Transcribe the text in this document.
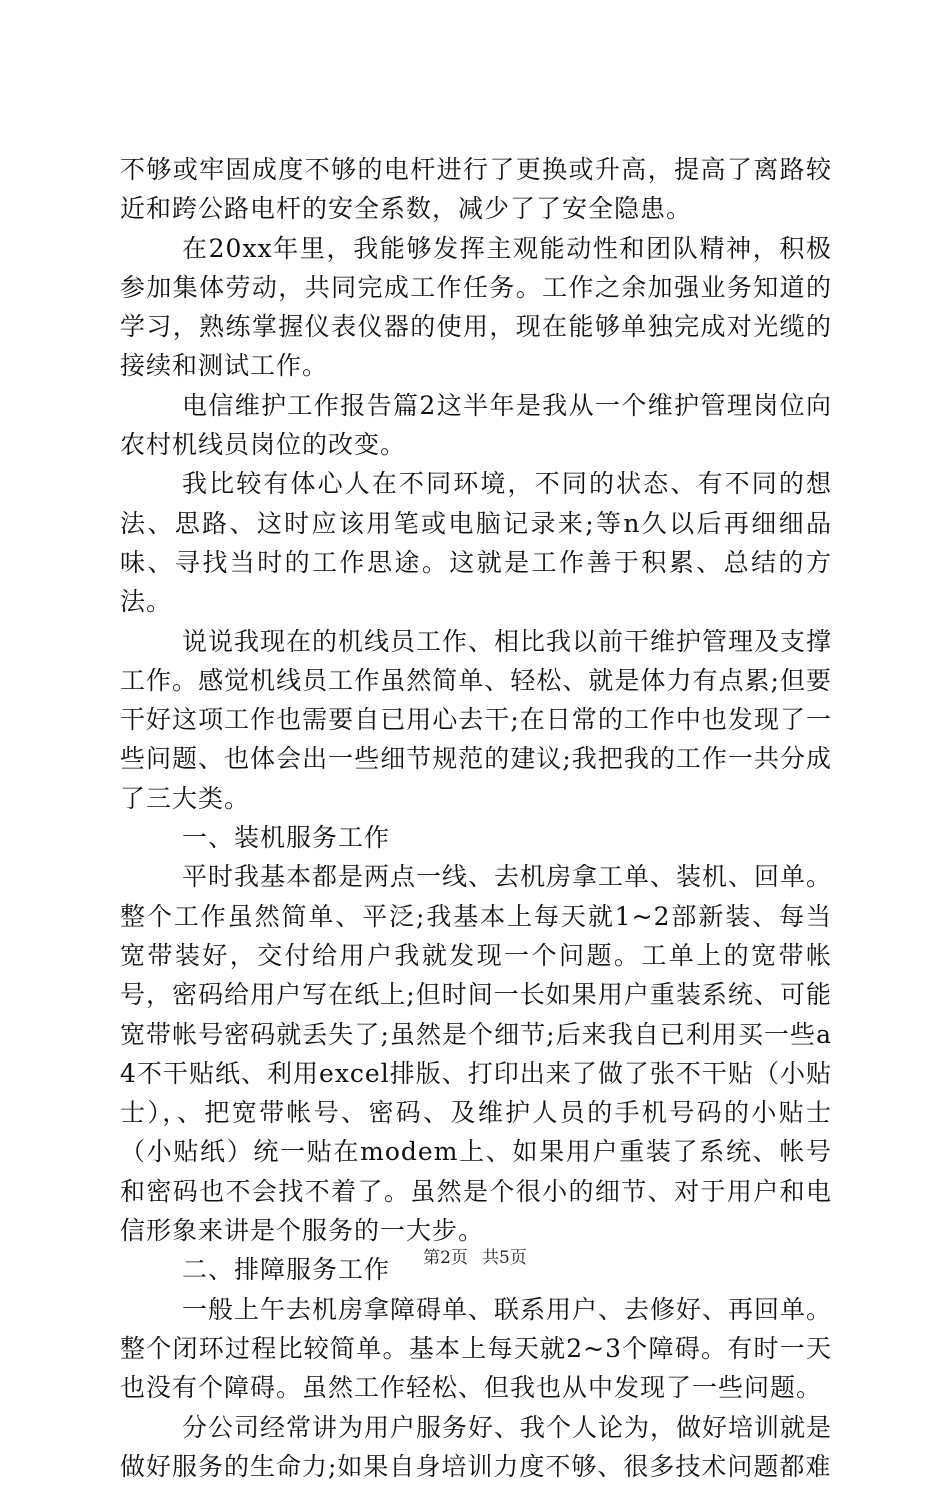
不够或牢固成度不够的电杆进行了更换或升高，提高了离路较近和跨公路电杆的安全系数，减少了了安全隐患。

在20xx年里，我能够发挥主观能动性和团队精神，积极参加集体劳动，共同完成工作任务。工作之余加强业务知道的学习，熟练掌握仪表仪器的使用，现在能够单独完成对光缆的接续和测试工作。

电信维护工作报告篇2这半年是我从一个维护管理岗位向农村机线员岗位的改变。

我比较有体心人在不同环境，不同的状态、有不同的想法、思路、这时应该用笔或电脑记录来;等n久以后再细细品味、寻找当时的工作思途。这就是工作善于积累、总结的方法。

说说我现在的机线员工作、相比我以前干维护管理及支撑工作。感觉机线员工作虽然简单、轻松、就是体力有点累;但要干好这项工作也需要自已用心去干;在日常的工作中也发现了一些问题、也体会出一些细节规范的建议;我把我的工作一共分成了三大类。

一、装机服务工作

平时我基本都是两点一线、去机房拿工单、装机、回单。整个工作虽然简单、平泛;我基本上每天就1~2部新装、每当宽带装好，交付给用户我就发现一个问题。工单上的宽带帐号，密码给用户写在纸上;但时间一长如果用户重装系统、可能宽带帐号密码就丢失了;虽然是个细节;后来我自已利用买一些a4不干贴纸、利用excel排版、打印出来了做了张不干贴（小贴士），、把宽带帐号、密码、及维护人员的手机号码的小贴士（小贴纸）统一贴在modem上、如果用户重装了系统、帐号和密码也不会找不着了。虽然是个很小的细节、对于用户和电信形象来讲是个服务的一大步。

二、排障服务工作

一般上午去机房拿障碍单、联系用户、去修好、再回单。整个闭环过程比较简单。基本上每天就2~3个障碍。有时一天也没有个障碍。虽然工作轻松、但我也从中发现了一些问题。

分公司经常讲为用户服务好、我个人论为，做好培训就是做好服务的生命力;如果自身培训力度不够、很多技术问题都难

第2页 共5页
